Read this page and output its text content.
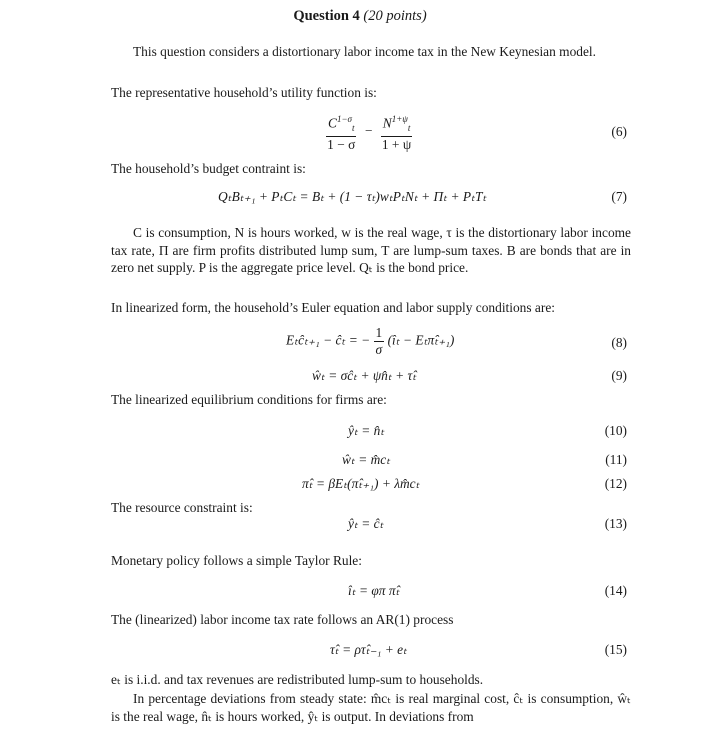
Question 4 (20 points)
This question considers a distortionary labor income tax in the New Keynesian model.
The representative household’s utility function is:
$\frac{C^{1-\sigma}_t}{1 - \sigma} - \frac{N^{1+\psi}_t}{1 + \psi}$	(6)
The household’s budget contraint is:
QₜBₜ₊₁ + PₜCₜ = Bₜ + (1 − τₜ)wₜPₜNₜ + Πₜ + PₜTₜ	(7)
C is consumption, N is hours worked, w is the real wage, τ is the distortionary labor income tax rate, Π are firm profits distributed lump sum, T are lump-sum taxes. B are bonds that are in zero net supply. P is the aggregate price level. Qₜ is the bond price.
In linearized form, the household’s Euler equation and labor supply conditions are:
Eₜĉₜ₊₁ − ĉₜ = − $\frac{1}{\sigma}$ (îₜ − Eₜπ̂ₜ₊₁)	(8)
ŵₜ = σĉₜ + ψn̂ₜ + τ̂ₜ	(9)
The linearized equilibrium conditions for firms are:
ŷₜ = n̂ₜ	(10)
ŵₜ = m̂cₜ	(11)
π̂ₜ = βEₜ(π̂ₜ₊₁) + λm̂cₜ	(12)
The resource constraint is:
ŷₜ = ĉₜ	(13)
Monetary policy follows a simple Taylor Rule:
îₜ = φπ π̂ₜ	(14)
The (linearized) labor income tax rate follows an AR(1) process
τ̂ₜ = ρτ̂ₜ₋₁ + eₜ	(15)
eₜ is i.i.d. and tax revenues are redistributed lump-sum to households.
In percentage deviations from steady state: m̂cₜ is real marginal cost, ĉₜ is consumption, ŵₜ is the real wage, n̂ₜ is hours worked, ŷₜ is output. In deviations from
